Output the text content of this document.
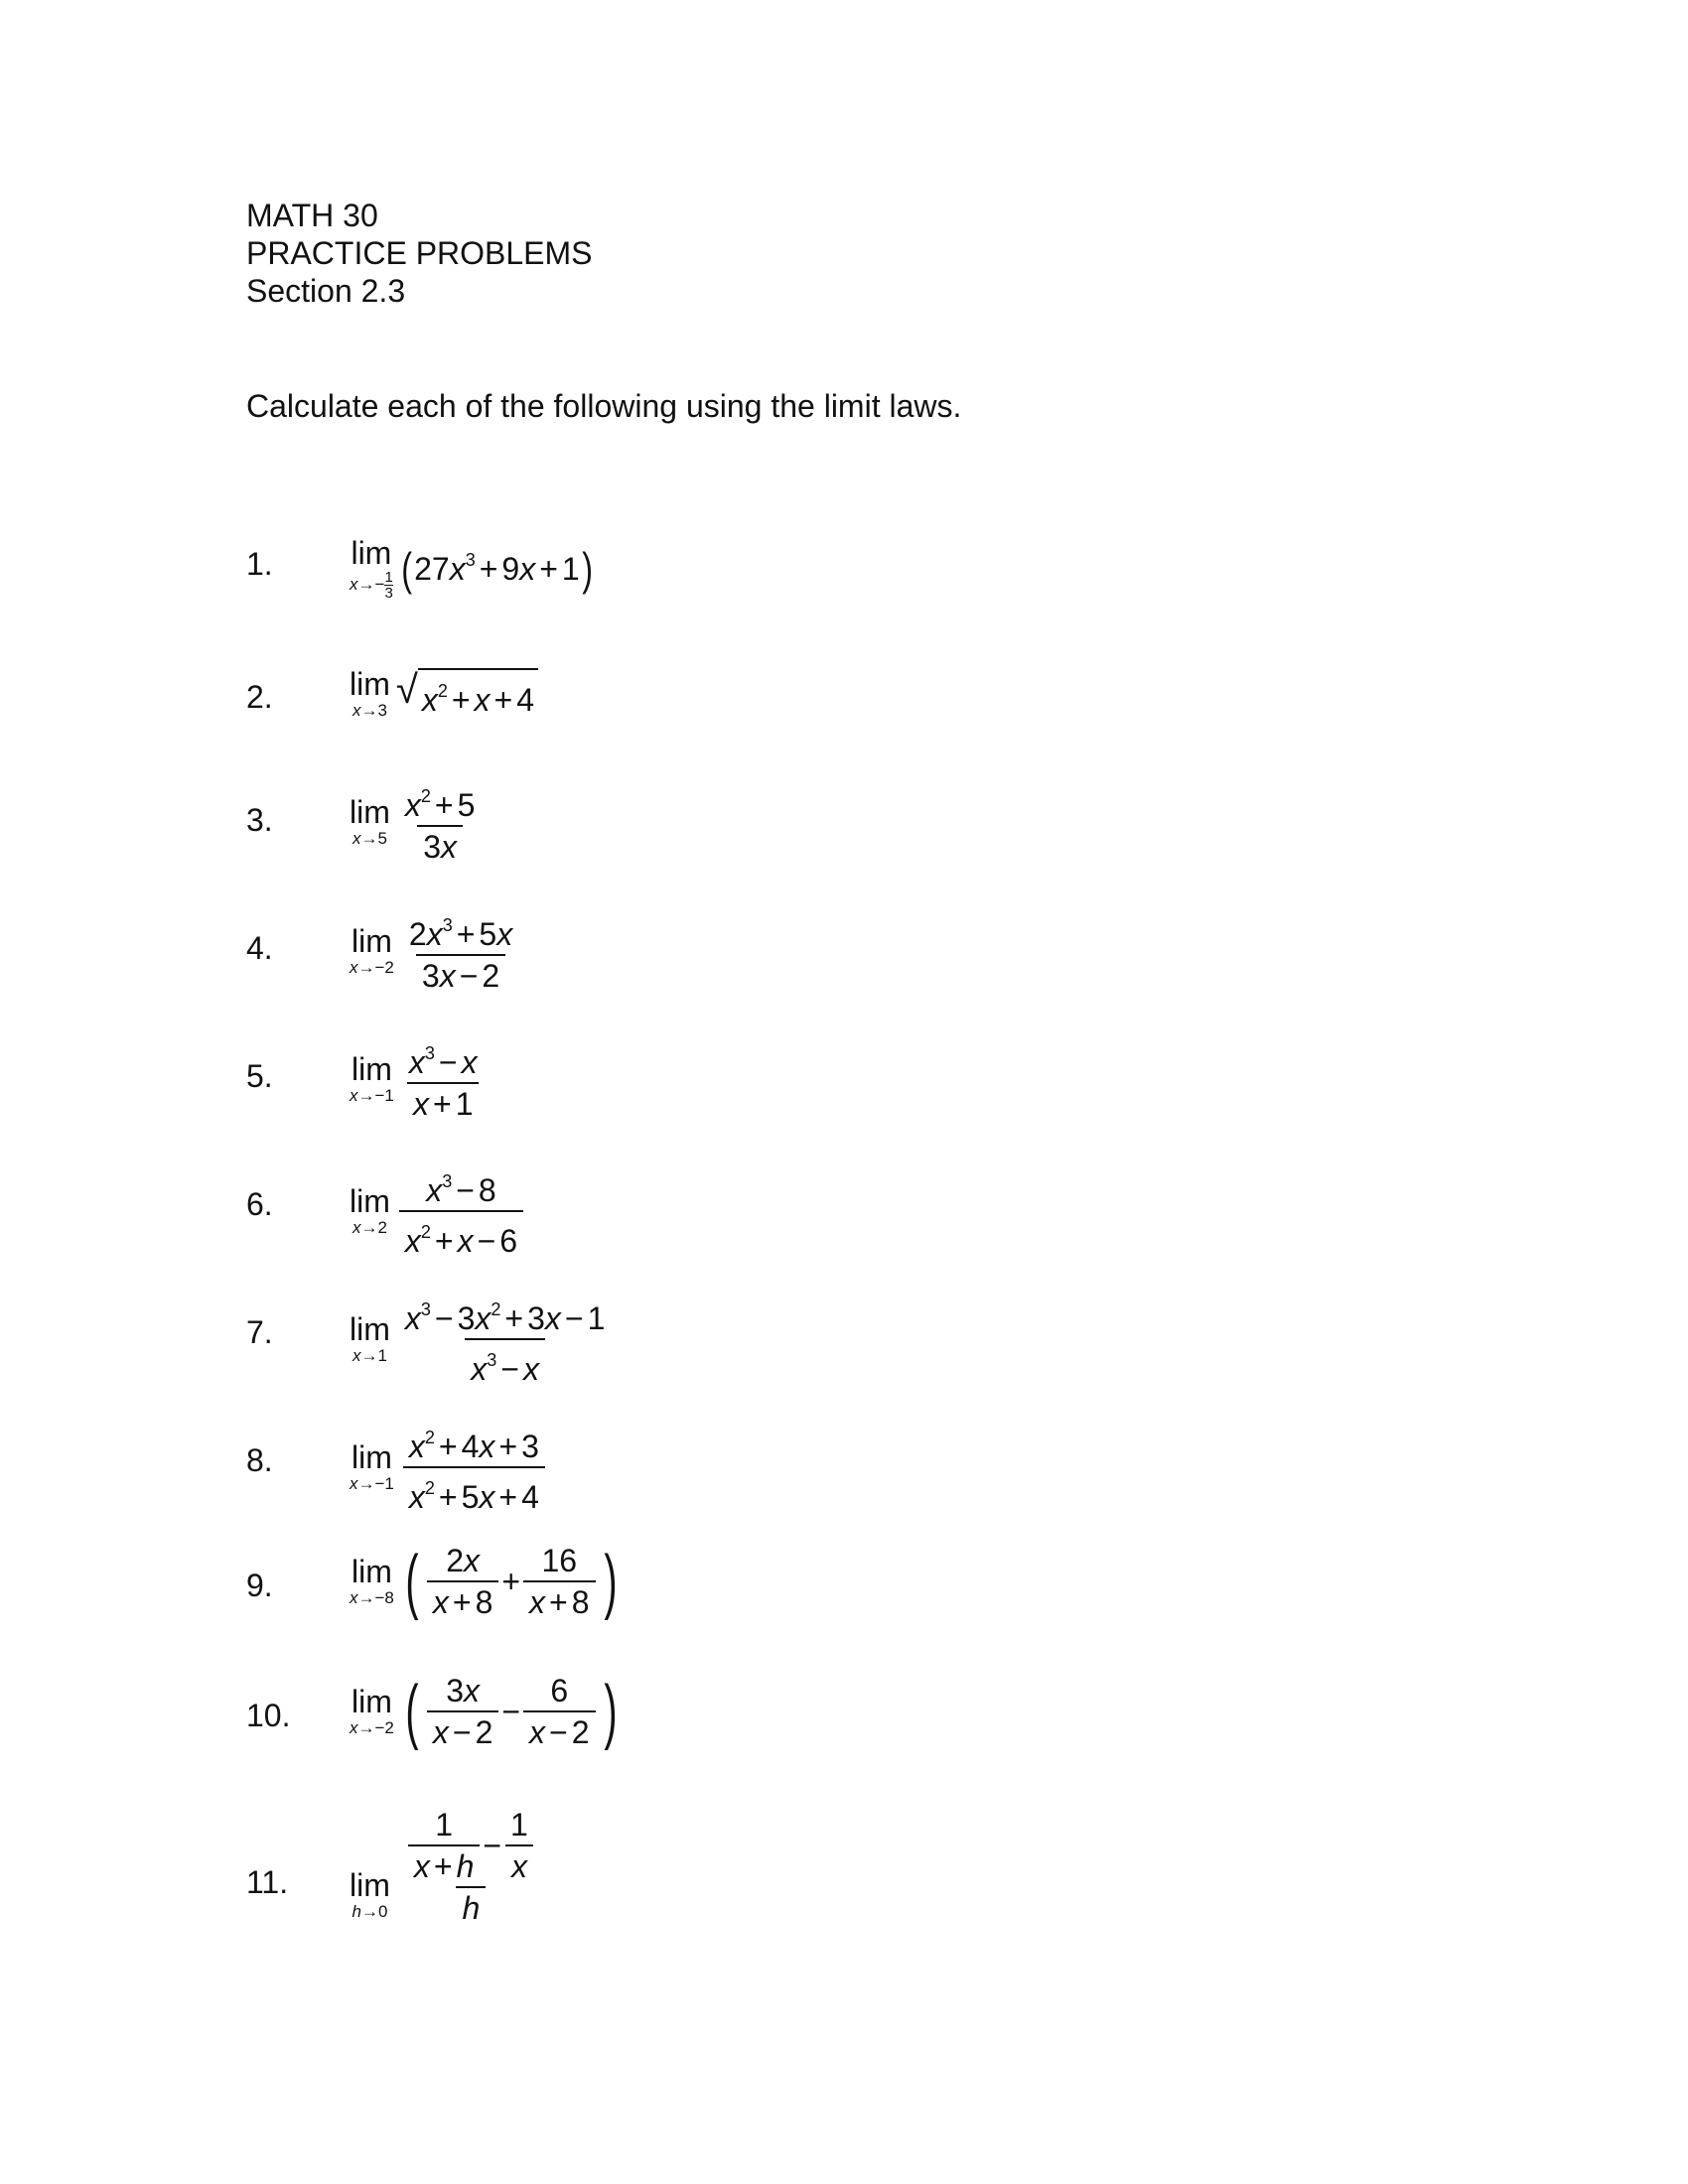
MATH 30
PRACTICE PROBLEMS
Section 2.3
Calculate each of the following using the limit laws.
1. lim
$x\to- \frac{1}{3}$ ( $27x^3 + 9x + 1$ )
2. lim
x→3 √ $x^2 + x + 4$
3. lim
$x\to 5 \frac{x^2 + 5}{3x}$
4. lim
$x\to-2 \frac{2x^3 + 5x}{3x - 2}$
5. lim
$x\to-1 \frac{x^3 - x}{x + 1}$
6. lim
$x\to 2 \frac{x^3 - 8}{x^2 + x - 6}$
7. lim
$x\to 1 \frac{x^3 - 3x^2 + 3x - 1}{x^3 - x}$
8. lim
$x\to-1 \frac{x^2 + 4x + 3}{x^2 + 5x + 4}$
9. lim
x→−8 ( $\frac{2x}{x + 8} + \frac{16}{x + 8}$ )
10. lim
x→−2 ( $\frac{3x}{x - 2} - \frac{6}{x - 2}$ )
11. lim
$h\to 0 \frac{\frac{1}{x + h} - \frac{1}{x}}{h}$
